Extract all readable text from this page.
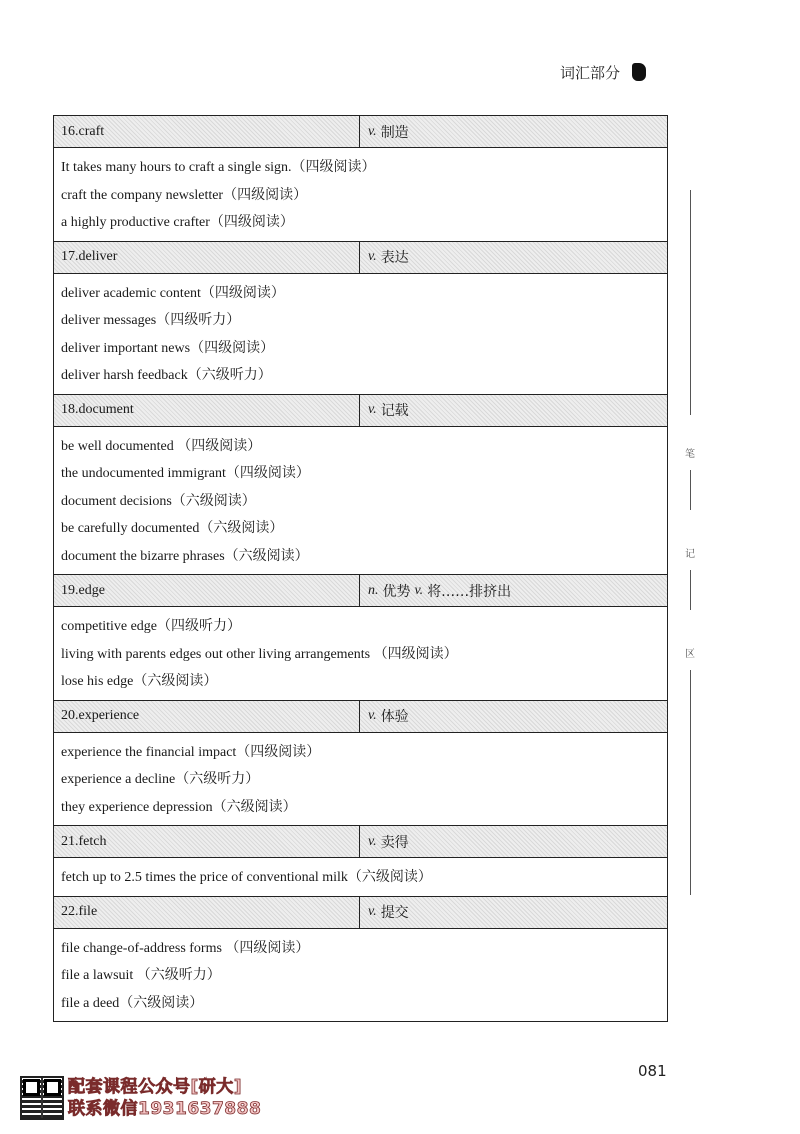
词汇部分
16.craft	v. 制造
It takes many hours to craft a single sign.（四级阅读）
craft the company newsletter（四级阅读）
a highly productive crafter（四级阅读）
17.deliver	v. 表达
deliver academic content（四级阅读）
deliver messages（四级听力）
deliver important news（四级阅读）
deliver harsh feedback（六级听力）
18.document	v. 记载
be well documented （四级阅读）
the undocumented immigrant（四级阅读）
document decisions（六级阅读）
be carefully documented（六级阅读）
document the bizarre phrases（六级阅读）
19.edge	n. 优势 v. 将……排挤出
competitive edge（四级听力）
living with parents edges out other living arrangements （四级阅读）
lose his edge（六级阅读）
20.experience	v. 体验
experience the financial impact（四级阅读）
experience a decline（六级听力）
they experience depression（六级阅读）
21.fetch	v. 卖得
fetch up to 2.5 times the price of conventional milk（六级阅读）
22.file	v. 提交
file change-of-address forms （四级阅读）
file a lawsuit （六级听力）
file a deed（六级阅读）
笔
记
区
081
配套课程公众号[研大]
联系微信1931637888
